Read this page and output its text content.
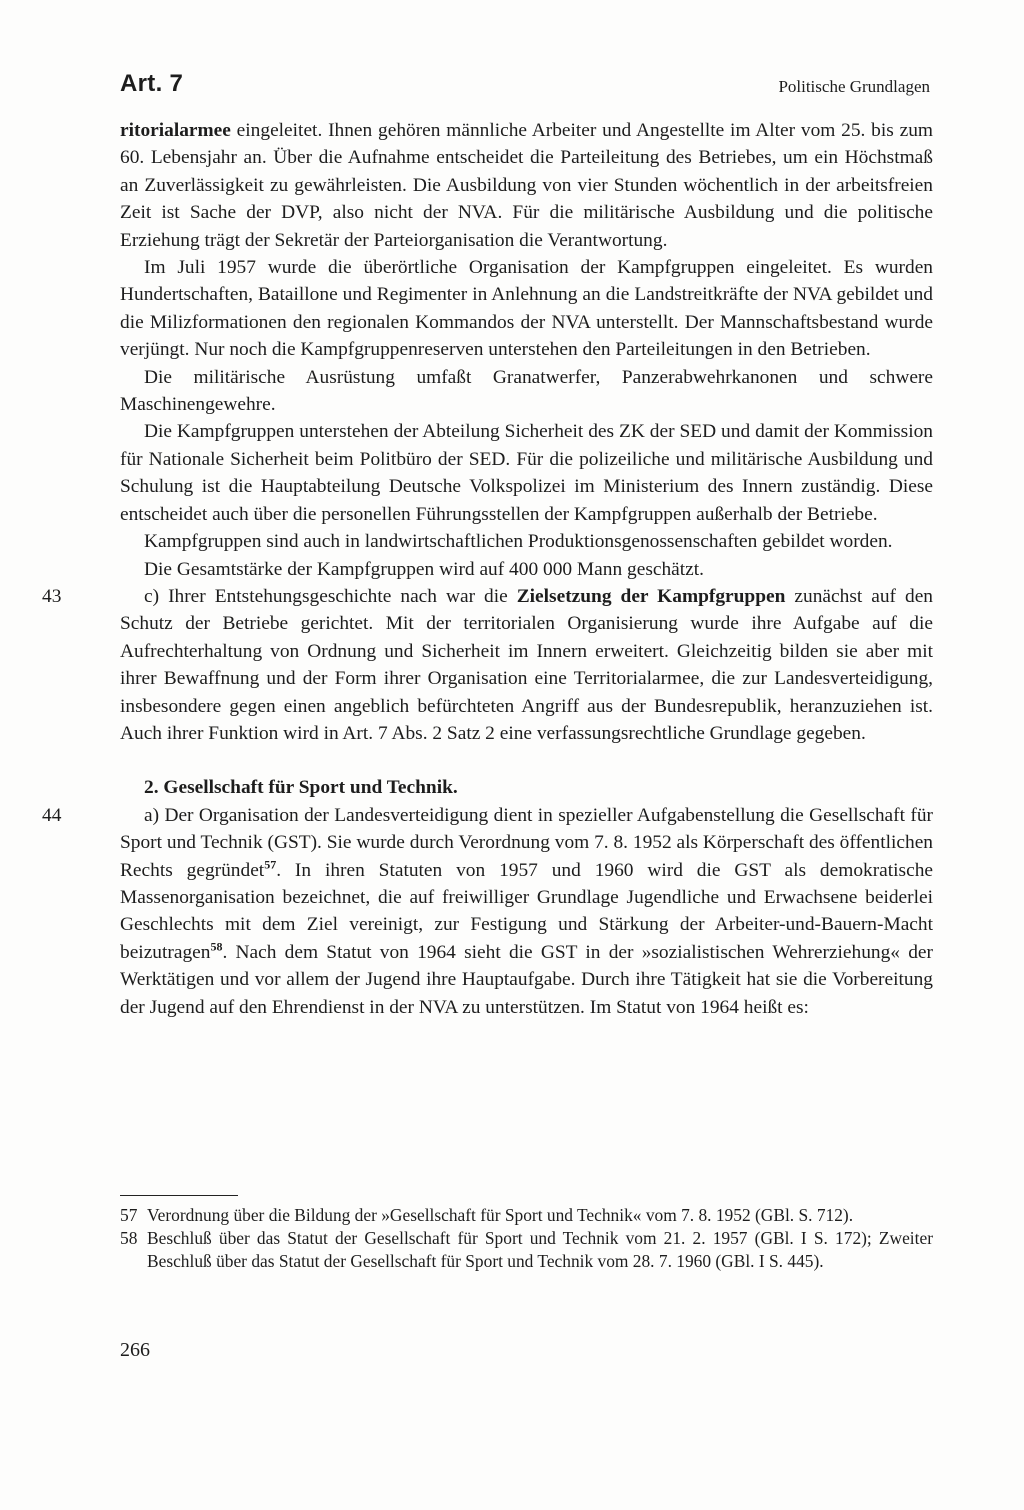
Art. 7	Politische Grundlagen

ritorialarmee eingeleitet. Ihnen gehören männliche Arbeiter und Angestellte im Alter vom 25. bis zum 60. Lebensjahr an. Über die Aufnahme entscheidet die Parteileitung des Betriebes, um ein Höchstmaß an Zuverlässigkeit zu gewährleisten. Die Ausbildung von vier Stunden wöchentlich in der arbeitsfreien Zeit ist Sache der DVP, also nicht der NVA. Für die militärische Ausbildung und die politische Erziehung trägt der Sekretär der Parteiorganisation die Verantwortung.

Im Juli 1957 wurde die überörtliche Organisation der Kampfgruppen eingeleitet. Es wurden Hundertschaften, Bataillone und Regimenter in Anlehnung an die Landstreitkräfte der NVA gebildet und die Milizformationen den regionalen Kommandos der NVA unterstellt. Der Mannschaftsbestand wurde verjüngt. Nur noch die Kampfgruppenreserven unterstehen den Parteileitungen in den Betrieben.

Die militärische Ausrüstung umfaßt Granatwerfer, Panzerabwehrkanonen und schwere Maschinengewehre.

Die Kampfgruppen unterstehen der Abteilung Sicherheit des ZK der SED und damit der Kommission für Nationale Sicherheit beim Politbüro der SED. Für die polizeiliche und militärische Ausbildung und Schulung ist die Hauptabteilung Deutsche Volkspolizei im Ministerium des Innern zuständig. Diese entscheidet auch über die personellen Führungsstellen der Kampfgruppen außerhalb der Betriebe.

Kampfgruppen sind auch in landwirtschaftlichen Produktionsgenossenschaften gebildet worden.

Die Gesamtstärke der Kampfgruppen wird auf 400 000 Mann geschätzt.

43	c) Ihrer Entstehungsgeschichte nach war die Zielsetzung der Kampfgruppen zunächst auf den Schutz der Betriebe gerichtet. Mit der territorialen Organisierung wurde ihre Aufgabe auf die Aufrechterhaltung von Ordnung und Sicherheit im Innern erweitert. Gleichzeitig bilden sie aber mit ihrer Bewaffnung und der Form ihrer Organisation eine Territorialarmee, die zur Landesverteidigung, insbesondere gegen einen angeblich befürchteten Angriff aus der Bundesrepublik, heranzuziehen ist. Auch ihrer Funktion wird in Art. 7 Abs. 2 Satz 2 eine verfassungsrechtliche Grundlage gegeben.

2. Gesellschaft für Sport und Technik.

44	a) Der Organisation der Landesverteidigung dient in spezieller Aufgabenstellung die Gesellschaft für Sport und Technik (GST). Sie wurde durch Verordnung vom 7. 8. 1952 als Körperschaft des öffentlichen Rechts gegründet$^{57}$. In ihren Statuten von 1957 und 1960 wird die GST als demokratische Massenorganisation bezeichnet, die auf freiwilliger Grundlage Jugendliche und Erwachsene beiderlei Geschlechts mit dem Ziel vereinigt, zur Festigung und Stärkung der Arbeiter-und-Bauern-Macht beizutragen$^{58}$. Nach dem Statut von 1964 sieht die GST in der »sozialistischen Wehrerziehung« der Werktätigen und vor allem der Jugend ihre Hauptaufgabe. Durch ihre Tätigkeit hat sie die Vorbereitung der Jugend auf den Ehrendienst in der NVA zu unterstützen. Im Statut von 1964 heißt es:

57 Verordnung über die Bildung der »Gesellschaft für Sport und Technik« vom 7. 8. 1952 (GBl. S. 712).
58 Beschluß über das Statut der Gesellschaft für Sport und Technik vom 21. 2. 1957 (GBl. I S. 172); Zweiter Beschluß über das Statut der Gesellschaft für Sport und Technik vom 28. 7. 1960 (GBl. I S. 445).
266
